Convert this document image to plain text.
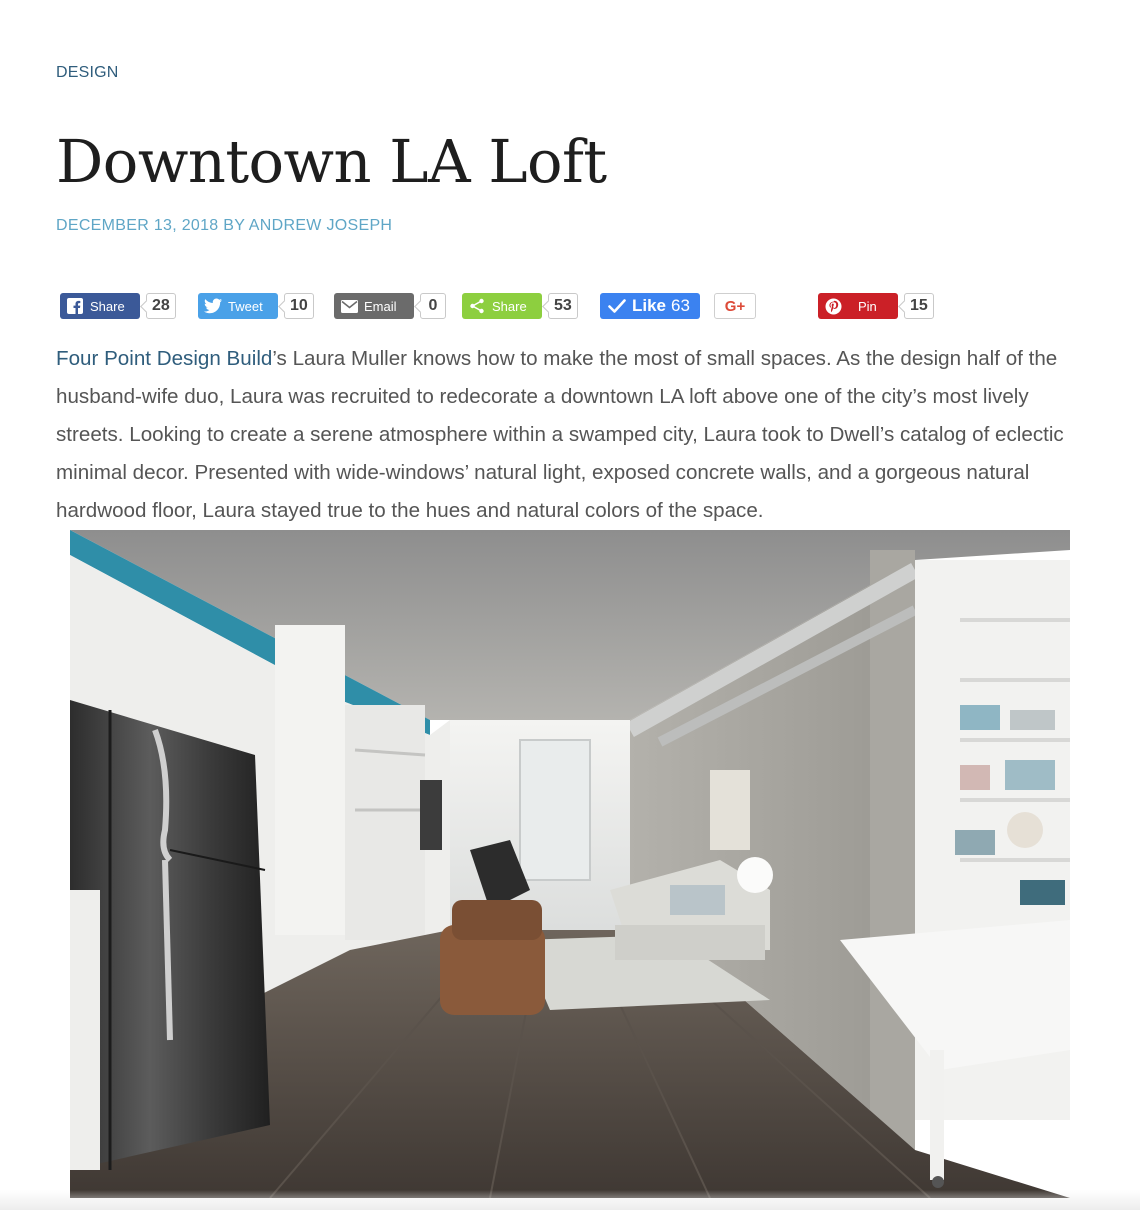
DESIGN
Downtown LA Loft
DECEMBER 13, 2018 BY ANDREW JOSEPH
Share	28	Tweet	10	Email	0	Share	53	Like 63 G+	Pin	15

Four Point Design Build’s Laura Muller knows how to make the most of small spaces. As the design half of the husband-wife duo, Laura was recruited to redecorate a downtown LA loft above one of the city’s most lively streets. Looking to create a serene atmosphere within a swamped city, Laura took to Dwell’s catalog of eclectic minimal decor. Presented with wide-windows’ natural light, exposed concrete walls, and a gorgeous natural hardwood floor, Laura stayed true to the hues and natural colors of the space.
